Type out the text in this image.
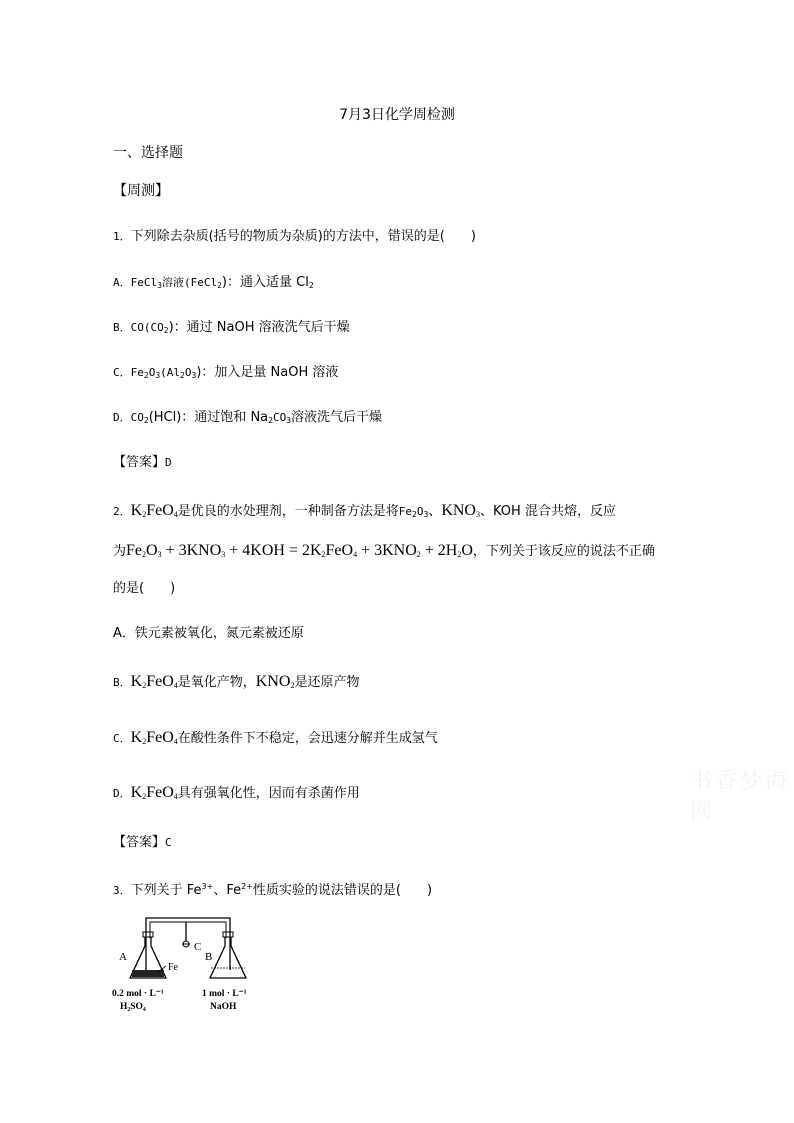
7月3日化学周检测
一、选择题
【周测】
1．下列除去杂质(括号的物质为杂质)的方法中，错误的是(　　)
A．FeCl$_3$溶液(FeCl$_2$)：通入适量 $Cl_2$
B．$CO(CO_2)$：通过 NaOH 溶液洗气后干燥
C．$Fe_2O_3(Al_2O_3)$：加入足量 NaOH 溶液
D．$CO_2(HCl)$：通过饱和 $Na_2CO_3$溶液洗气后干燥
【答案】D
2．$K_2FeO_4$是优良的水处理剂，一种制备方法是将$Fe_2O_3$、$KNO_3$、KOH 混合共熔，反应
为$Fe_2O_3 + 3KNO_3 + 4KOH = 2K_2FeO_4 + 3KNO_2 + 2H_2O$，下列关于该反应的说法不正确
的是(　　)
A．铁元素被氧化，氮元素被还原
B．$K_2FeO_4$是氧化产物，$KNO_2$是还原产物
C．$K_2FeO_4$在酸性条件下不稳定，会迅速分解并生成氢气
D．$K_2FeO_4$具有强氧化性，因而有杀菌作用
【答案】C
3．下列关于 $Fe^{3+}$、$Fe^{2+}$性质实验的说法错误的是(　　)
书香梦海网
C
A	B
Fe
0.2 mol · L⁻¹
H₂SO₄
1 mol · L⁻¹
NaOH
